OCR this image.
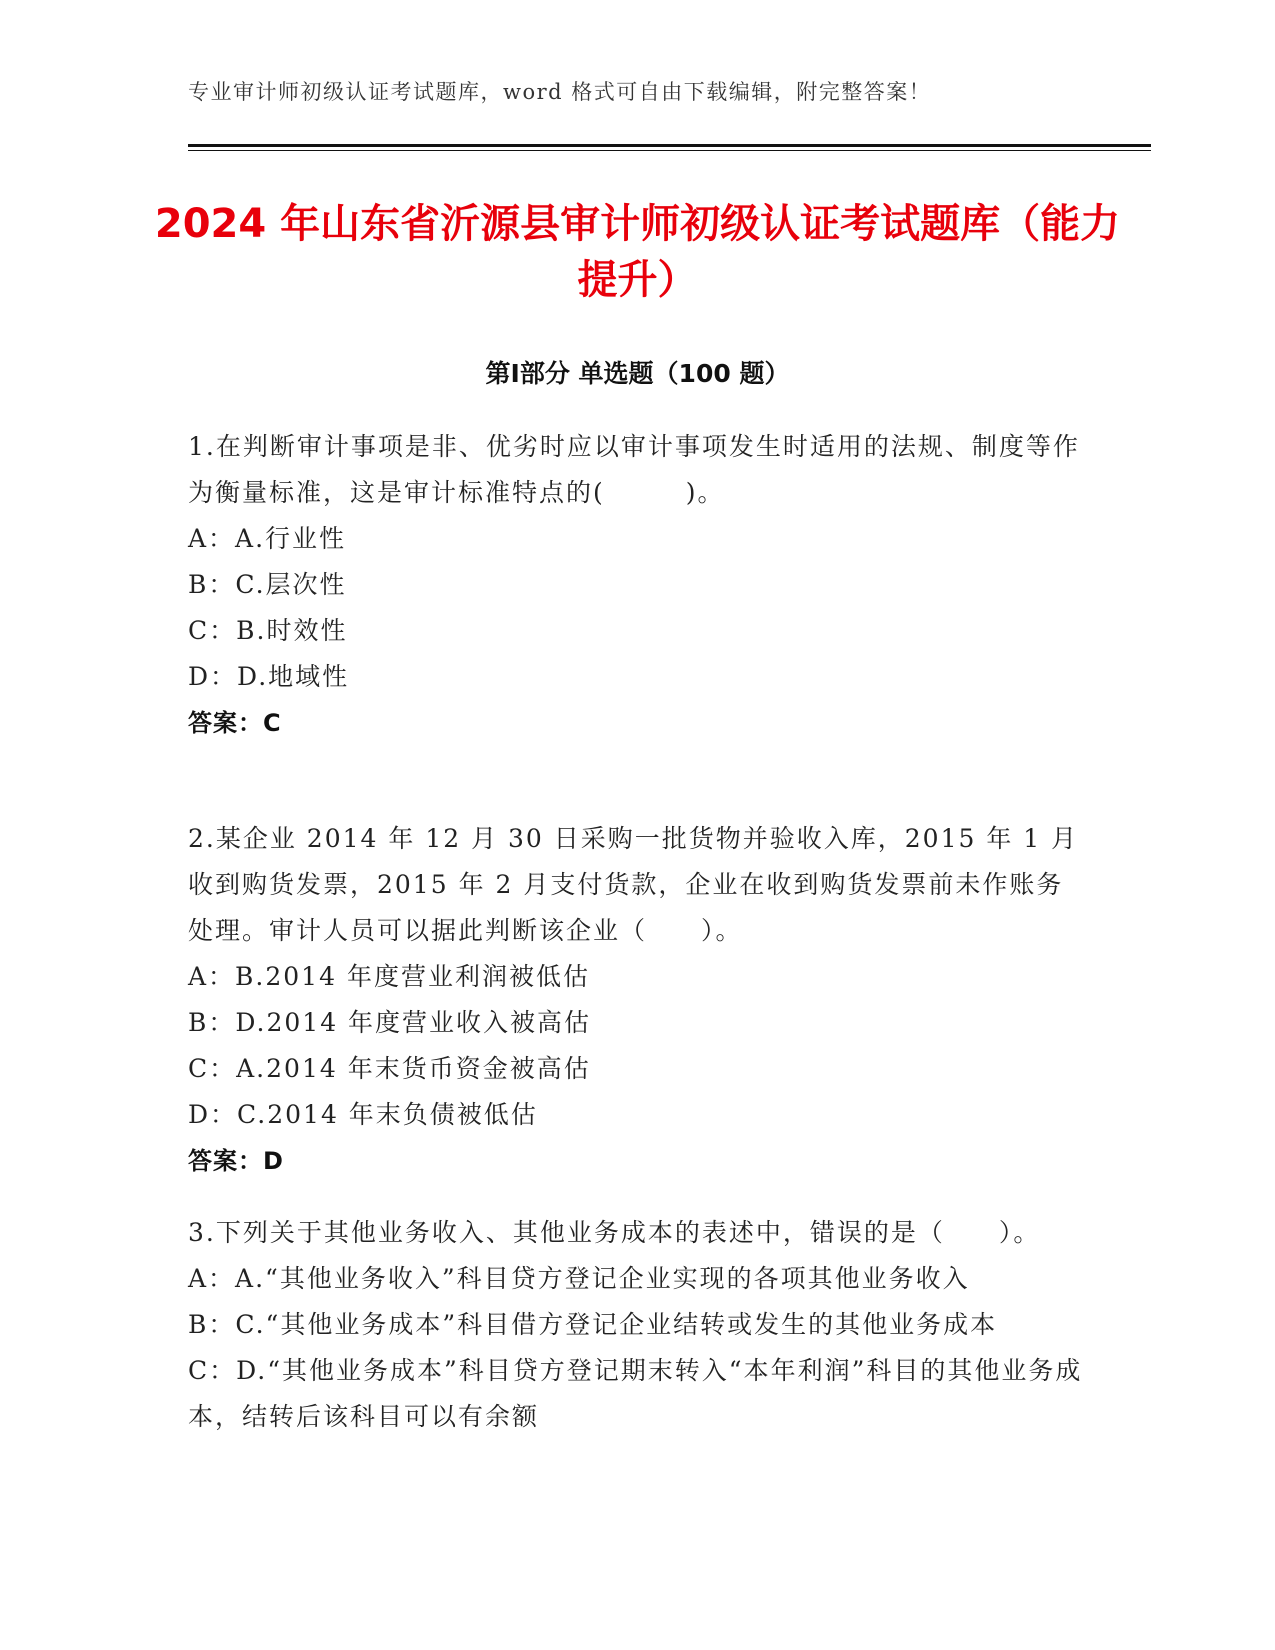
专业审计师初级认证考试题库，word 格式可自由下载编辑，附完整答案！
2024 年山东省沂源县审计师初级认证考试题库（能力提升）
第Ⅰ部分 单选题（100 题）
1.在判断审计事项是非、优劣时应以审计事项发生时适用的法规、制度等作为衡量标准，这是审计标准特点的(　　　)。
A：A.行业性
B：C.层次性
C：B.时效性
D：D.地域性
答案：C
2.某企业 2014 年 12 月 30 日采购一批货物并验收入库，2015 年 1 月收到购货发票，2015 年 2 月支付货款，企业在收到购货发票前未作账务处理。审计人员可以据此判断该企业（　　）。
A：B.2014 年度营业利润被低估
B：D.2014 年度营业收入被高估
C：A.2014 年末货币资金被高估
D：C.2014 年末负债被低估
答案：D
3.下列关于其他业务收入、其他业务成本的表述中，错误的是（　　）。
A：A.“其他业务收入”科目贷方登记企业实现的各项其他业务收入
B：C.“其他业务成本”科目借方登记企业结转或发生的其他业务成本
C：D.“其他业务成本”科目贷方登记期末转入“本年利润”科目的其他业务成本，结转后该科目可以有余额
